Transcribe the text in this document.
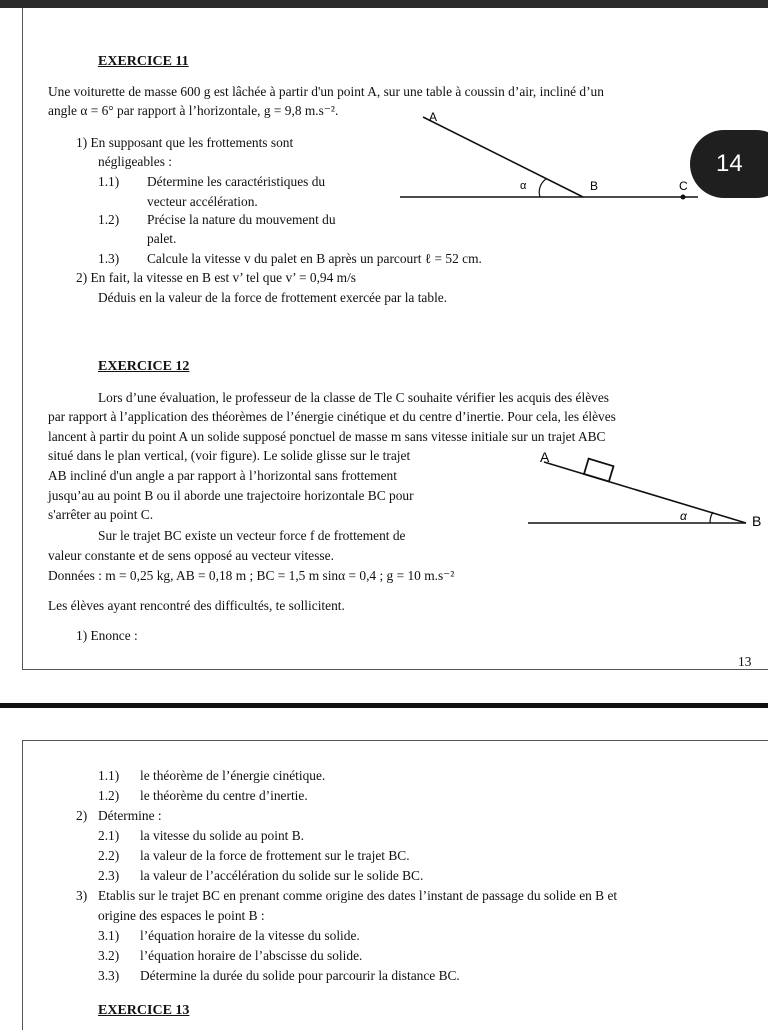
EXERCICE 11
Une voiturette de masse 600 g est lâchée à partir d'un point A, sur une table à coussin d’air, incliné d’un
angle α = 6° par rapport à l’horizontale, g = 9,8 m.s⁻².
1) En supposant que les frottements sont
négligeables :
1.1) Détermine les caractéristiques du
vecteur accélération.
1.2) Précise la nature du mouvement du
palet.
1.3) Calcule la vitesse v du palet en B après un parcourt ℓ = 52 cm.
2) En fait, la vitesse en B est v’ tel que v’ = 0,94 m/s
Déduis en la valeur de la force de frottement exercée par la table.
A
α	B	C
14
EXERCICE 12
Lors d’une évaluation, le professeur de la classe de Tle C souhaite vérifier les acquis des élèves
par rapport à l’application des théorèmes de l’énergie cinétique et du centre d’inertie. Pour cela, les élèves
lancent à partir du point A un solide supposé ponctuel de masse m sans vitesse initiale sur un trajet ABC
situé dans le plan vertical, (voir figure). Le solide glisse sur le trajet
AB incliné d'un angle a par rapport à l’horizontal sans frottement
jusqu’au au point B ou il aborde une trajectoire horizontale BC pour
s'arrêter au point C.
Sur le trajet BC existe un vecteur force f de frottement de
valeur constante et de sens opposé au vecteur vitesse.
Données : m = 0,25 kg, AB = 0,18 m ; BC = 1,5 m sinα = 0,4 ; g = 10 m.s⁻²
Les élèves ayant rencontré des difficultés, te sollicitent.
1) Enonce :
A
α	B
13
1.1) le théorème de l’énergie cinétique.
1.2) le théorème du centre d’inertie.
2) Détermine :
2.1) la vitesse du solide au point B.
2.2) la valeur de la force de frottement sur le trajet BC.
2.3) la valeur de l’accélération du solide sur le solide BC.
3) Etablis sur le trajet BC en prenant comme origine des dates l’instant de passage du solide en B et
origine des espaces le point B :
3.1) l’équation horaire de la vitesse du solide.
3.2) l’équation horaire de l’abscisse du solide.
3.3) Détermine la durée du solide pour parcourir la distance BC.
EXERCICE 13
